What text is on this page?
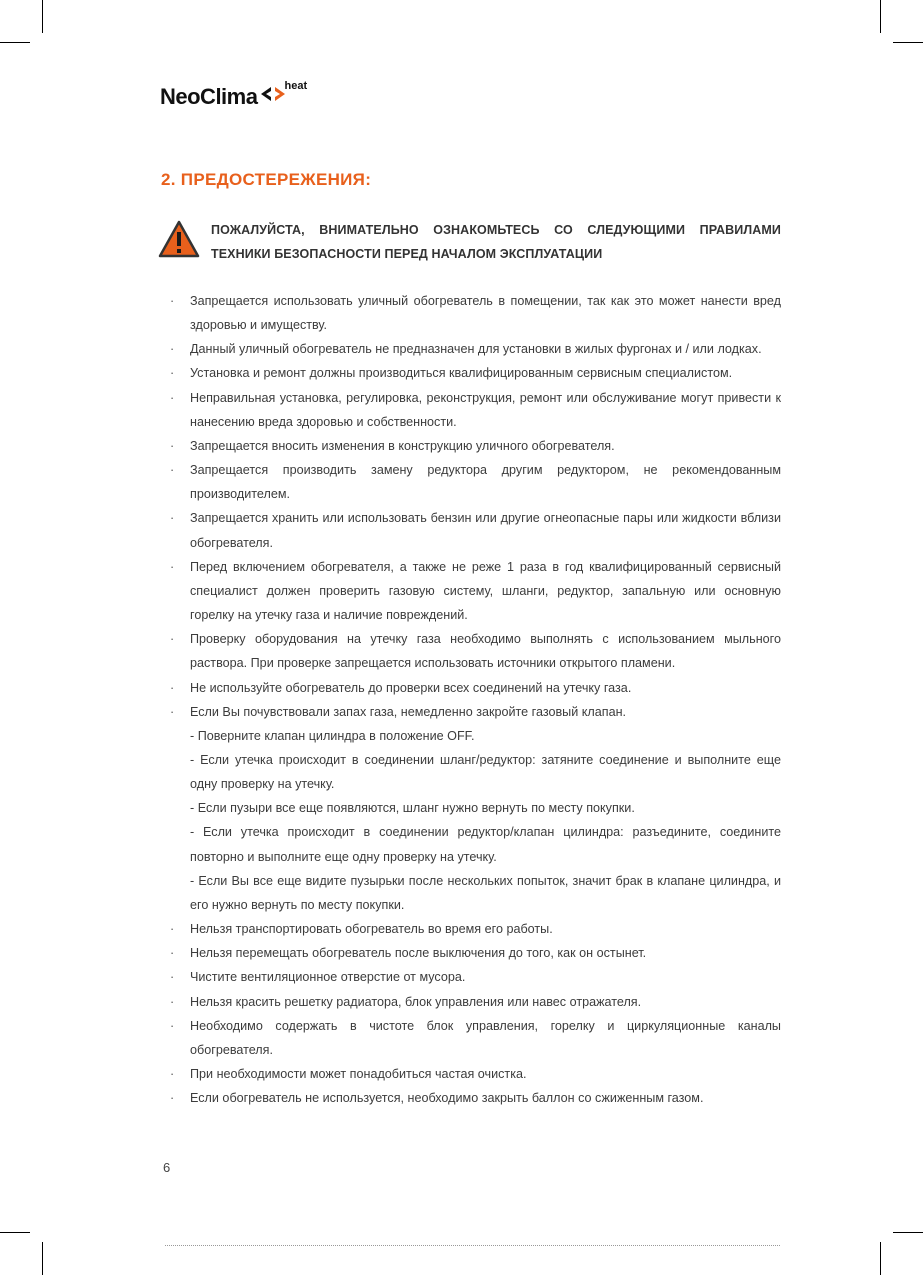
NeoClima heat
2. ПРЕДОСТЕРЕЖЕНИЯ:
ПОЖАЛУЙСТА, ВНИМАТЕЛЬНО ОЗНАКОМЬТЕСЬ СО СЛЕДУЮЩИМИ ПРАВИЛАМИ ТЕХНИКИ БЕЗОПАСНОСТИ ПЕРЕД НАЧАЛОМ ЭКСПЛУАТАЦИИ
· Запрещается использовать уличный обогреватель в помещении, так как это может нанести вред здоровью и имуществу.
· Данный уличный обогреватель не предназначен для установки в жилых фургонах и / или лодках.
· Установка и ремонт должны производиться квалифицированным сервисным специалистом.
· Неправильная установка, регулировка, реконструкция, ремонт или обслуживание могут привести к нанесению вреда здоровью и собственности.
· Запрещается вносить изменения в конструкцию уличного обогревателя.
· Запрещается производить замену редуктора другим редуктором, не рекомендованным производителем.
· Запрещается хранить или использовать бензин или другие огнеопасные пары или жидкости вблизи обогревателя.
· Перед включением обогревателя, а также не реже 1 раза в год квалифицированный сервисный специалист должен проверить газовую систему, шланги, редуктор, запальную или основную горелку на утечку газа и наличие повреждений.
· Проверку оборудования на утечку газа необходимо выполнять с использованием мыльного раствора. При проверке запрещается использовать источники открытого пламени.
· Не используйте обогреватель до проверки всех соединений на утечку газа.
· Если Вы почувствовали запах газа, немедленно закройте газовый клапан.
- Поверните клапан цилиндра в положение OFF.
- Если утечка происходит в соединении шланг/редуктор: затяните соединение и выполните еще одну проверку на утечку.
- Если пузыри все еще появляются, шланг нужно вернуть по месту покупки.
- Если утечка происходит в соединении редуктор/клапан цилиндра: разъедините, соедините повторно и выполните еще одну проверку на утечку.
- Если Вы все еще видите пузырьки после нескольких попыток, значит брак в клапане цилиндра, и его нужно вернуть по месту покупки.
· Нельзя транспортировать обогреватель во время его работы.
· Нельзя перемещать обогреватель после выключения до того, как он остынет.
· Чистите вентиляционное отверстие от мусора.
· Нельзя красить решетку радиатора, блок управления или навес отражателя.
· Необходимо содержать в чистоте блок управления, горелку и циркуляционные каналы обогревателя.
· При необходимости может понадобиться частая очистка.
· Если обогреватель не используется, необходимо закрыть баллон со сжиженным газом.
6
